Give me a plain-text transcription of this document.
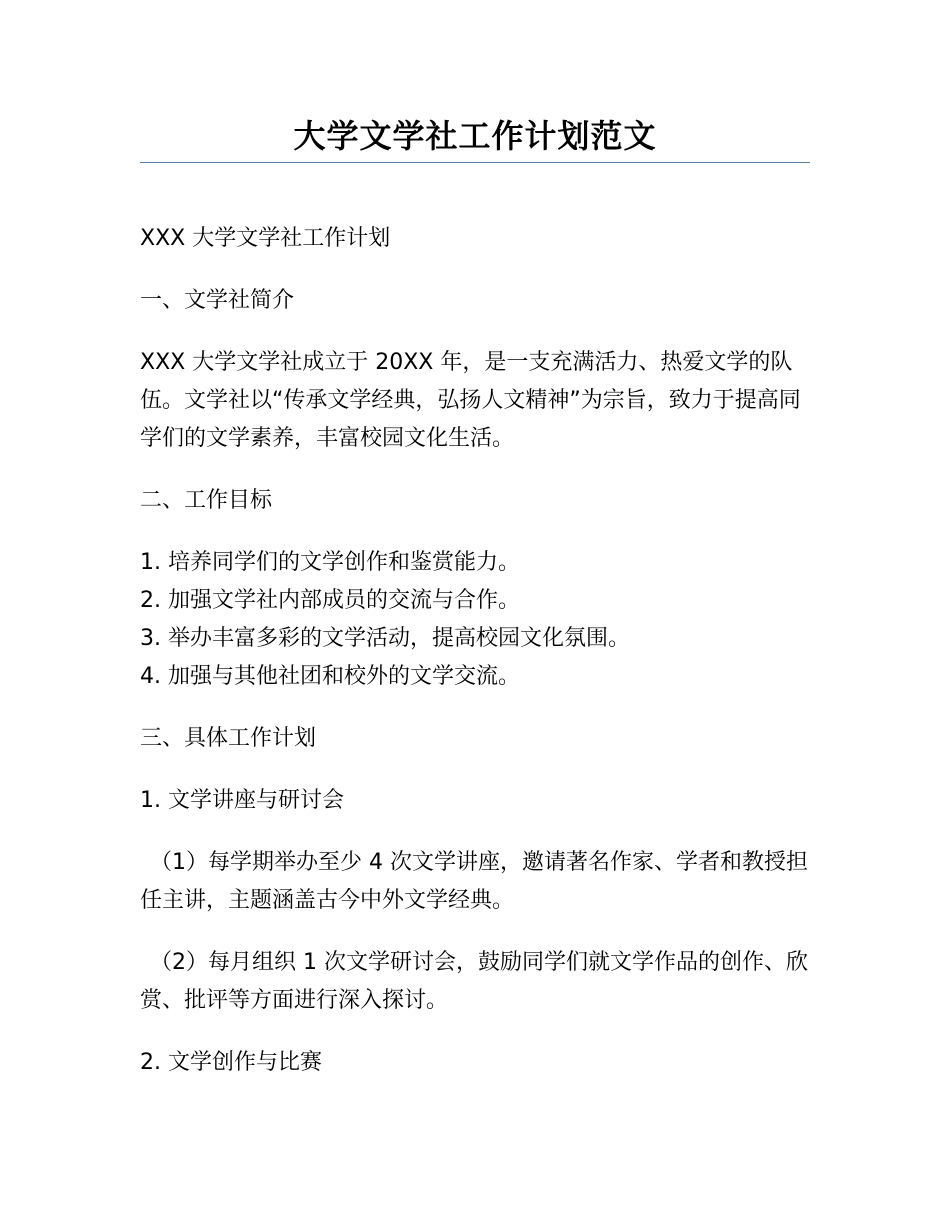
大学文学社工作计划范文

XXX 大学文学社工作计划

一、文学社简介

XXX 大学文学社成立于 20XX 年，是一支充满活力、热爱文学的队伍。文学社以“传承文学经典，弘扬人文精神”为宗旨，致力于提高同学们的文学素养，丰富校园文化生活。

二、工作目标

1. 培养同学们的文学创作和鉴赏能力。

2. 加强文学社内部成员的交流与合作。

3. 举办丰富多彩的文学活动，提高校园文化氛围。

4. 加强与其他社团和校外的文学交流。

三、具体工作计划

1. 文学讲座与研讨会

（1）每学期举办至少 4 次文学讲座，邀请著名作家、学者和教授担任主讲，主题涵盖古今中外文学经典。

（2）每月组织 1 次文学研讨会，鼓励同学们就文学作品的创作、欣赏、批评等方面进行深入探讨。

2. 文学创作与比赛
